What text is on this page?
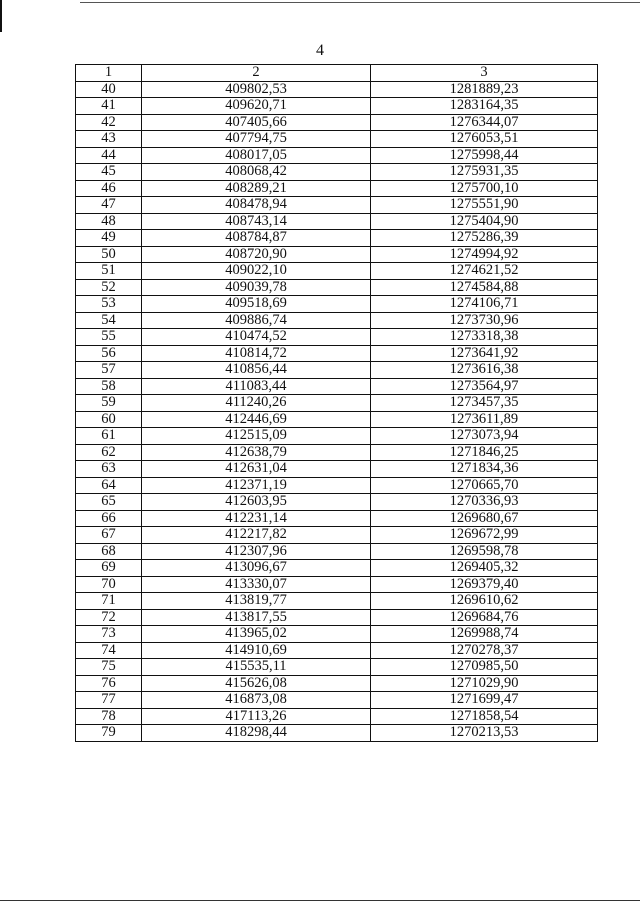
4
1	2	3
40	409802,53	1281889,23
41	409620,71	1283164,35
42	407405,66	1276344,07
43	407794,75	1276053,51
44	408017,05	1275998,44
45	408068,42	1275931,35
46	408289,21	1275700,10
47	408478,94	1275551,90
48	408743,14	1275404,90
49	408784,87	1275286,39
50	408720,90	1274994,92
51	409022,10	1274621,52
52	409039,78	1274584,88
53	409518,69	1274106,71
54	409886,74	1273730,96
55	410474,52	1273318,38
56	410814,72	1273641,92
57	410856,44	1273616,38
58	411083,44	1273564,97
59	411240,26	1273457,35
60	412446,69	1273611,89
61	412515,09	1273073,94
62	412638,79	1271846,25
63	412631,04	1271834,36
64	412371,19	1270665,70
65	412603,95	1270336,93
66	412231,14	1269680,67
67	412217,82	1269672,99
68	412307,96	1269598,78
69	413096,67	1269405,32
70	413330,07	1269379,40
71	413819,77	1269610,62
72	413817,55	1269684,76
73	413965,02	1269988,74
74	414910,69	1270278,37
75	415535,11	1270985,50
76	415626,08	1271029,90
77	416873,08	1271699,47
78	417113,26	1271858,54
79	418298,44	1270213,53
